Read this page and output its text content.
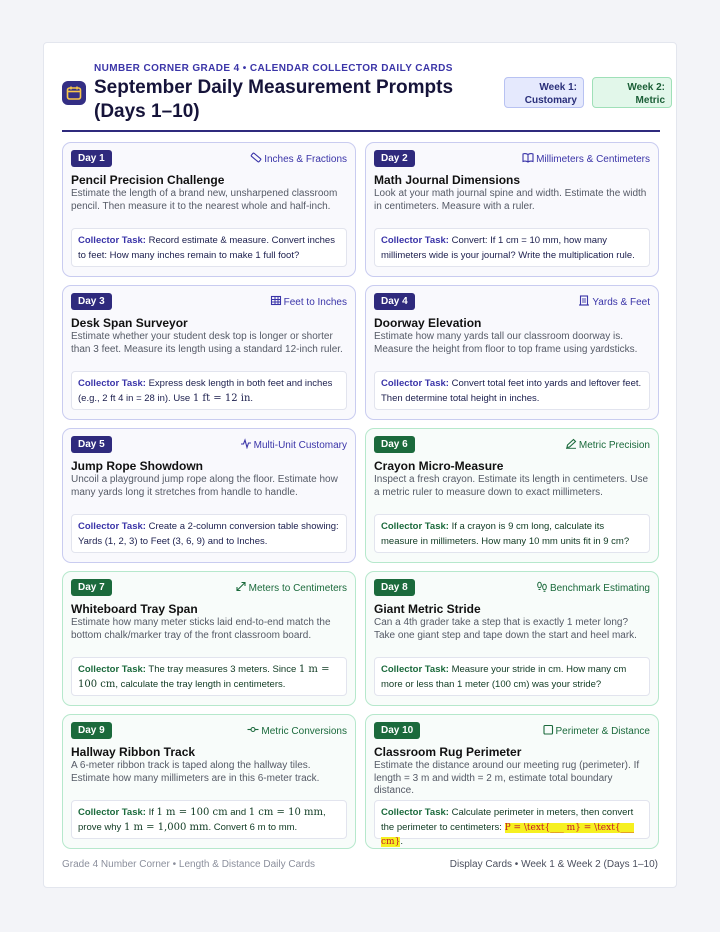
NUMBER CORNER GRADE 4 • CALENDAR COLLECTOR DAILY CARDS
September Daily Measurement Prompts
(Days 1–10)
Week 1:
Customary
Week 2:
Metric
Day 1	Inches & Fractions
Pencil Precision Challenge
Estimate the length of a brand new, unsharpened classroom pencil. Then measure it to the nearest whole and half-inch.
Collector Task: Record estimate & measure. Convert inches to feet: How many inches remain to make 1 full foot?
Day 2	Millimeters & Centimeters
Math Journal Dimensions
Look at your math journal spine and width. Estimate the width in centimeters. Measure with a ruler.
Collector Task: Convert: If 1 cm = 10 mm, how many millimeters wide is your journal? Write the multiplication rule.
Day 3	Feet to Inches
Desk Span Surveyor
Estimate whether your student desk top is longer or shorter than 3 feet. Measure its length using a standard 12-inch ruler.
Collector Task: Express desk length in both feet and inches (e.g., 2 ft 4 in = 28 in). Use 1 ft = 12 in.
Day 4	Yards & Feet
Doorway Elevation
Estimate how many yards tall our classroom doorway is. Measure the height from floor to top frame using yardsticks.
Collector Task: Convert total feet into yards and leftover feet. Then determine total height in inches.
Day 5	Multi-Unit Customary
Jump Rope Showdown
Uncoil a playground jump rope along the floor. Estimate how many yards long it stretches from handle to handle.
Collector Task: Create a 2-column conversion table showing: Yards (1, 2, 3) to Feet (3, 6, 9) and to Inches.
Day 6	Metric Precision
Crayon Micro-Measure
Inspect a fresh crayon. Estimate its length in centimeters. Use a metric ruler to measure down to exact millimeters.
Collector Task: If a crayon is 9 cm long, calculate its measure in millimeters. How many 10 mm units fit in 9 cm?
Day 7	Meters to Centimeters
Whiteboard Tray Span
Estimate how many meter sticks laid end-to-end match the bottom chalk/marker tray of the front classroom board.
Collector Task: The tray measures 3 meters. Since 1 m = 100 cm, calculate the tray length in centimeters.
Day 8	Benchmark Estimating
Giant Metric Stride
Can a 4th grader take a step that is exactly 1 meter long? Take one giant step and tape down the start and heel mark.
Collector Task: Measure your stride in cm. How many cm more or less than 1 meter (100 cm) was your stride?
Day 9	Metric Conversions
Hallway Ribbon Track
A 6-meter ribbon track is taped along the hallway tiles. Estimate how many millimeters are in this 6-meter track.
Collector Task: If 1 m = 100 cm and 1 cm = 10 mm, prove why 1 m = 1,000 mm. Convert 6 m to mm.
Day 10	Perimeter & Distance
Classroom Rug Perimeter
Estimate the distance around our meeting rug (perimeter). If length = 3 m and width = 2 m, estimate total boundary distance.
Collector Task: Calculate perimeter in meters, then convert the perimeter to centimeters: P = \text{___ m} = \text{___ cm}.
Grade 4 Number Corner • Length & Distance Daily Cards	Display Cards • Week 1 & Week 2 (Days 1–10)
